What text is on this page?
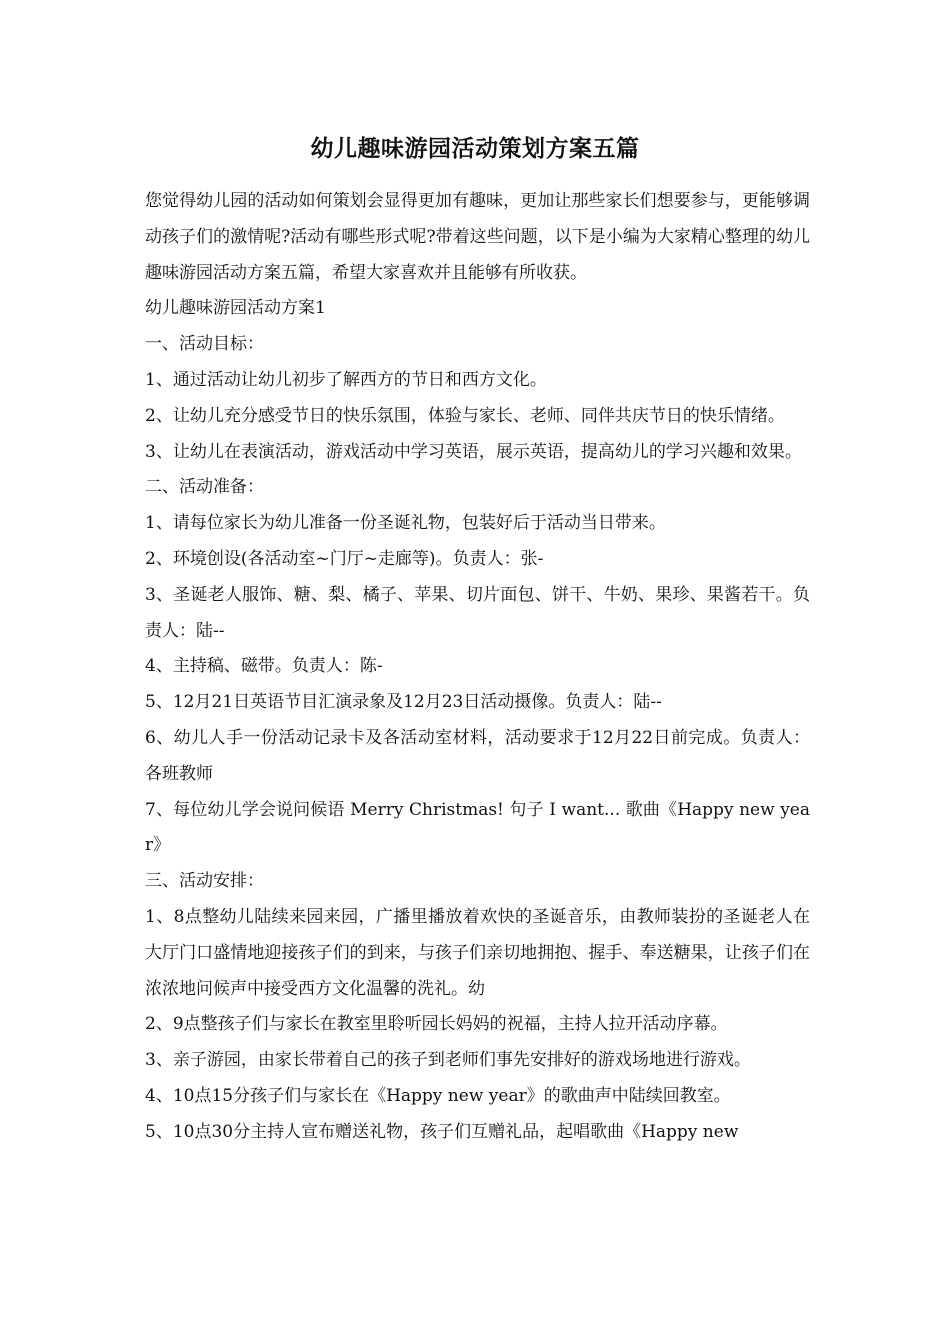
幼儿趣味游园活动策划方案五篇

您觉得幼儿园的活动如何策划会显得更加有趣味，更加让那些家长们想要参与，更能够调动孩子们的激情呢?活动有哪些形式呢?带着这些问题，以下是小编为大家精心整理的幼儿趣味游园活动方案五篇，希望大家喜欢并且能够有所收获。

幼儿趣味游园活动方案1

一、活动目标：

1、通过活动让幼儿初步了解西方的节日和西方文化。

2、让幼儿充分感受节日的快乐氛围，体验与家长、老师、同伴共庆节日的快乐情绪。

3、让幼儿在表演活动，游戏活动中学习英语，展示英语，提高幼儿的学习兴趣和效果。

二、活动准备：

1、请每位家长为幼儿准备一份圣诞礼物，包装好后于活动当日带来。

2、环境创设(各活动室~门厅~走廊等)。负责人：张-

3、圣诞老人服饰、糖、梨、橘子、苹果、切片面包、饼干、牛奶、果珍、果酱若干。负责人：陆--

4、主持稿、磁带。负责人：陈-

5、12月21日英语节目汇演录象及12月23日活动摄像。负责人：陆--

6、幼儿人手一份活动记录卡及各活动室材料，活动要求于12月22日前完成。负责人：各班教师

7、每位幼儿学会说问候语 Merry Christmas! 句子 I want... 歌曲《Happy new year》

三、活动安排：

1、8点整幼儿陆续来园来园，广播里播放着欢快的圣诞音乐，由教师装扮的圣诞老人在大厅门口盛情地迎接孩子们的到来，与孩子们亲切地拥抱、握手、奉送糖果，让孩子们在浓浓地问候声中接受西方文化温馨的洗礼。幼

2、9点整孩子们与家长在教室里聆听园长妈妈的祝福，主持人拉开活动序幕。

3、亲子游园，由家长带着自己的孩子到老师们事先安排好的游戏场地进行游戏。

4、10点15分孩子们与家长在《Happy new year》的歌曲声中陆续回教室。

5、10点30分主持人宣布赠送礼物，孩子们互赠礼品，起唱歌曲《Happy new
